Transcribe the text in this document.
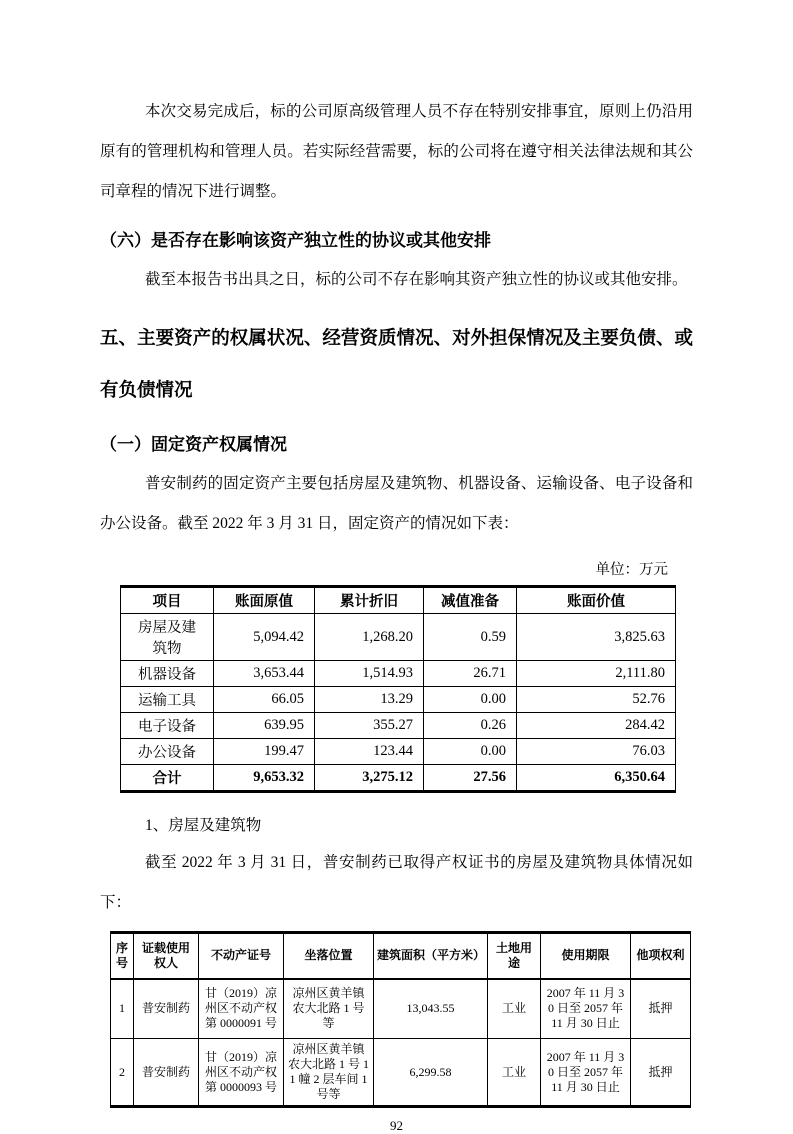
本次交易完成后，标的公司原高级管理人员不存在特别安排事宜，原则上仍沿用原有的管理机构和管理人员。若实际经营需要，标的公司将在遵守相关法律法规和其公司章程的情况下进行调整。

（六）是否存在影响该资产独立性的协议或其他安排

截至本报告书出具之日，标的公司不存在影响其资产独立性的协议或其他安排。

五、主要资产的权属状况、经营资质情况、对外担保情况及主要负债、或有负债情况
（一）固定资产权属情况

普安制药的固定资产主要包括房屋及建筑物、机器设备、运输设备、电子设备和办公设备。截至 2022 年 3 月 31 日，固定资产的情况如下表：

单位：万元
项目	账面原值	累计折旧	减值准备	账面价值
房屋及建筑物	5,094.42	1,268.20	0.59	3,825.63
机器设备	3,653.44	1,514.93	26.71	2,111.80
运输工具	66.05	13.29	0.00	52.76
电子设备	639.95	355.27	0.26	284.42
办公设备	199.47	123.44	0.00	76.03
合计	9,653.32	3,275.12	27.56	6,350.64

1、房屋及建筑物

截至 2022 年 3 月 31 日，普安制药已取得产权证书的房屋及建筑物具体情况如下：

序号	证载使用权人	不动产证号	坐落位置	建筑面积（平方米）	土地用途	使用期限	他项权利
1	普安制药	甘（2019）凉州区不动产权第 0000091 号	凉州区黄羊镇农大北路 1 号等	13,043.55	工业	2007 年 11 月 30 日至 2057 年 11 月 30 日止	抵押
2	普安制药	甘（2019）凉州区不动产权第 0000093 号	凉州区黄羊镇农大北路 1 号 11 幢 2 层车间 1 号等	6,299.58	工业	2007 年 11 月 30 日至 2057 年 11 月 30 日止	抵押
92
